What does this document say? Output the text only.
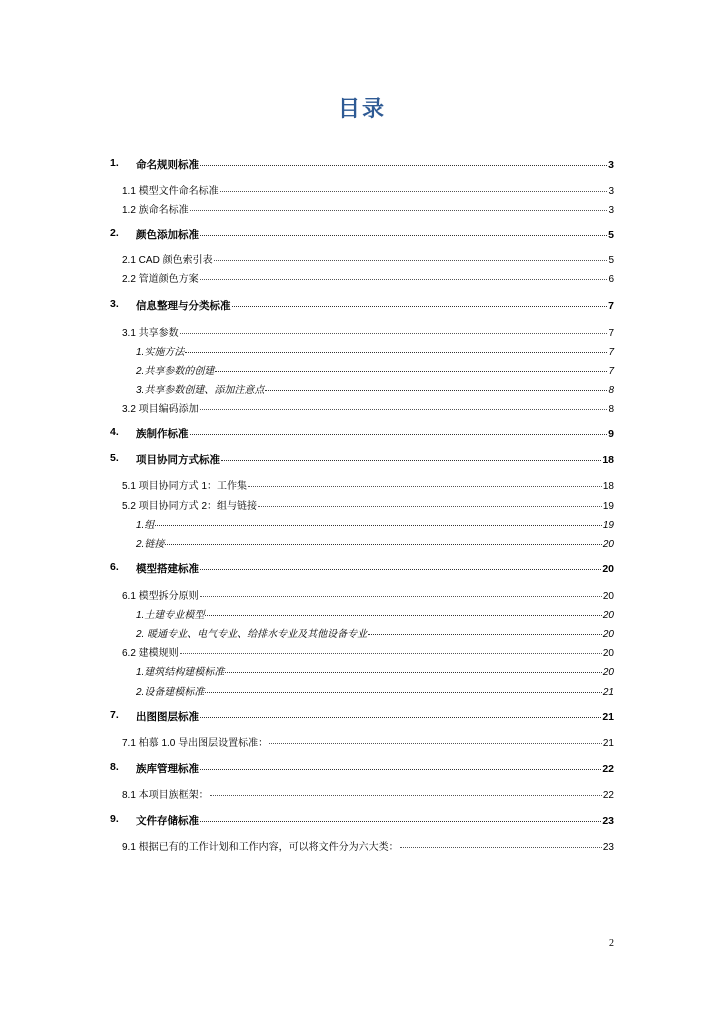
目录
1. 命名规则标准	3
1.1 模型文件命名标准	3
1.2 族命名标准	3
2. 颜色添加标准	5
2.1 CAD 颜色索引表	5
2.2 管道颜色方案	6
3. 信息整理与分类标准	7
3.1 共享参数	7
1.实施方法	7
2.共享参数的创建	7
3.共享参数创建、添加注意点	8
3.2 项目编码添加	8
4. 族制作标准	9
5. 项目协同方式标准	18
5.1 项目协同方式 1：工作集	18
5.2 项目协同方式 2：组与链接	19
1.组	19
2.链接	20
6. 模型搭建标准	20
6.1 模型拆分原则	20
1.土建专业模型	20
2. 暖通专业、电气专业、给排水专业及其他设备专业	20
6.2 建模规则	20
1.建筑结构建模标准	20
2.设备建模标准	21
7. 出图图层标准	21
7.1 柏慕 1.0 导出图层设置标准：	21
8. 族库管理标准	22
8.1 本项目族框架：	22
9. 文件存储标准	23
9.1 根据已有的工作计划和工作内容，可以将文件分为六大类：	23
2
